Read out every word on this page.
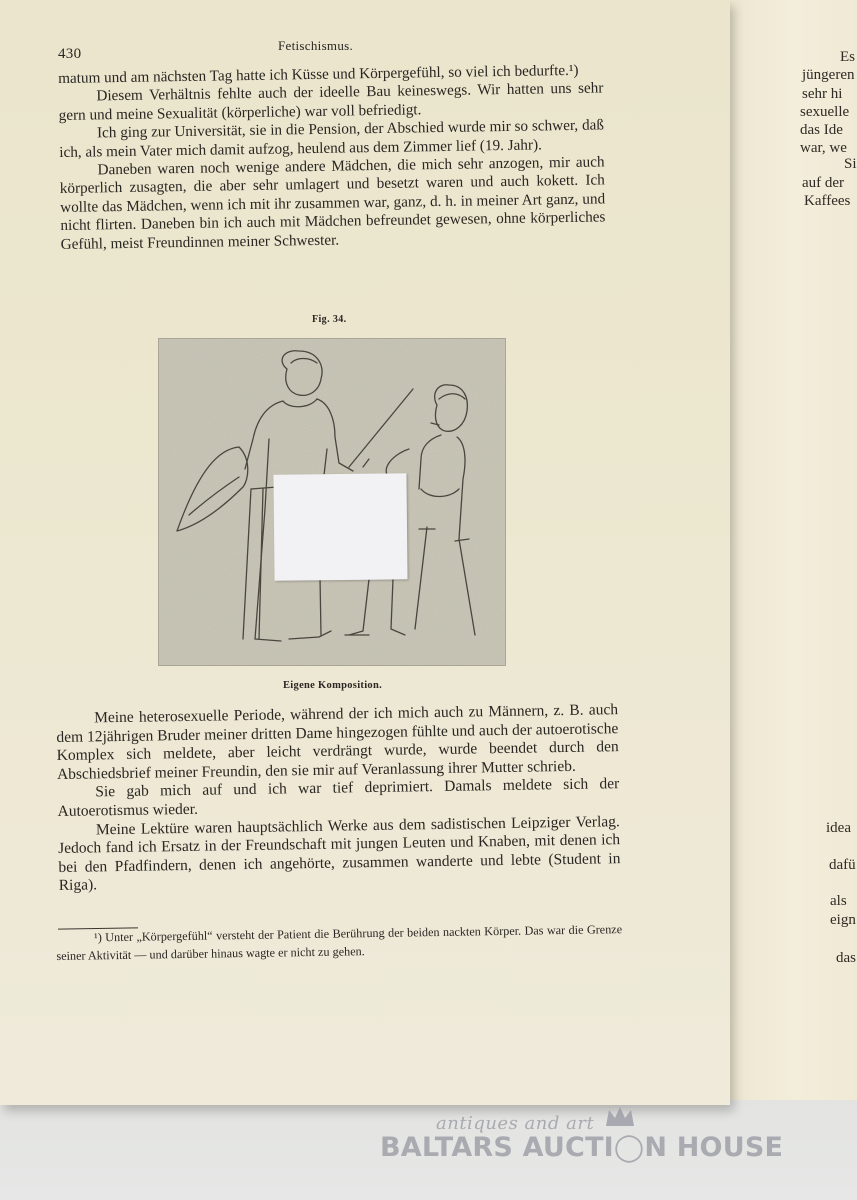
Es
jüngeren
sehr hi
sexuelle
das Ide
war, we
Si
auf der
Kaffees
idea
dafü
als
eign
das
430
Fetischismus.

matum und am nächsten Tag hatte ich Küsse und Körpergefühl, so viel ich bedurfte.¹)

Diesem Verhältnis fehlte auch der ideelle Bau keineswegs. Wir hatten uns sehr gern und meine Sexualität (körperliche) war voll befriedigt.

Ich ging zur Universität, sie in die Pension, der Abschied wurde mir so schwer, daß ich, als mein Vater mich damit aufzog, heulend aus dem Zimmer lief (19. Jahr).

Daneben waren noch wenige andere Mädchen, die mich sehr anzogen, mir auch körperlich zusagten, die aber sehr umlagert und besetzt waren und auch kokett. Ich wollte das Mädchen, wenn ich mit ihr zusammen war, ganz, d. h. in meiner Art ganz, und nicht flirten. Daneben bin ich auch mit Mädchen befreundet gewesen, ohne körperliches Gefühl, meist Freundinnen meiner Schwester.

Fig. 34.
Eigene Komposition.

Meine heterosexuelle Periode, während der ich mich auch zu Männern, z. B. auch dem 12jährigen Bruder meiner dritten Dame hingezogen fühlte und auch der autoerotische Komplex sich meldete, aber leicht verdrängt wurde, wurde beendet durch den Abschiedsbrief meiner Freundin, den sie mir auf Veranlassung ihrer Mutter schrieb.

Sie gab mich auf und ich war tief deprimiert. Damals meldete sich der Autoerotismus wieder.

Meine Lektüre waren hauptsächlich Werke aus dem sadistischen Leipziger Verlag. Jedoch fand ich Ersatz in der Freundschaft mit jungen Leuten und Knaben, mit denen ich bei den Pfadfindern, denen ich angehörte, zusammen wanderte und lebte (Student in Riga).

¹) Unter „Körpergefühl“ versteht der Patient die Berührung der beiden nackten Körper. Das war die Grenze seiner Aktivität — und darüber hinaus wagte er nicht zu gehen.

antiques and art
BALTARS AUCTI◯N HOUSE
